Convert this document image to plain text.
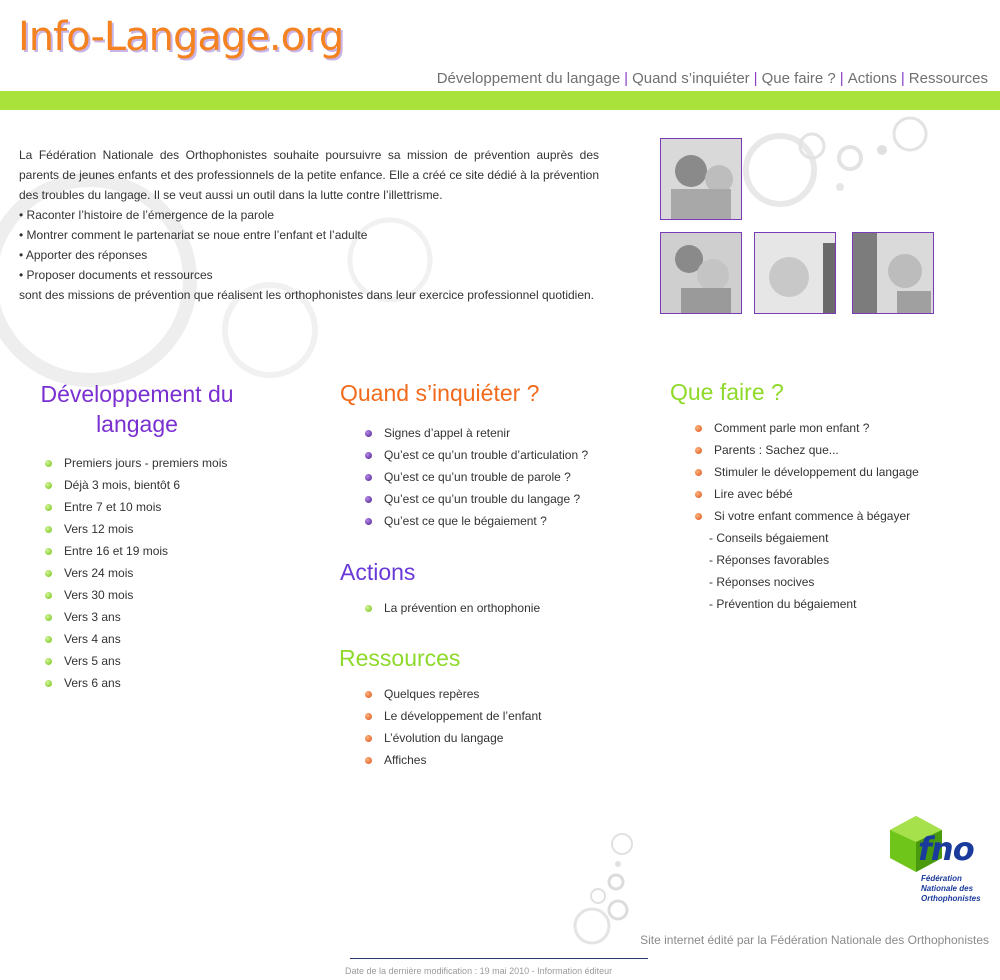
Info-Langage.org
Développement du langage | Quand s’inquiéter | Que faire ? | Actions | Ressources
La Fédération Nationale des Orthophonistes souhaite poursuivre sa mission de prévention auprès des parents de jeunes enfants et des professionnels de la petite enfance. Elle a créé ce site dédié à la prévention des troubles du langage. Il se veut aussi un outil dans la lutte contre l’illettrisme.
• Raconter l’histoire de l’émergence de la parole
• Montrer comment le partenariat se noue entre l’enfant et l’adulte
• Apporter des réponses
• Proposer documents et ressources
sont des missions de prévention que réalisent les orthophonistes dans leur exercice professionnel quotidien.
Développement du langage
Premiers jours - premiers mois
Déjà 3 mois, bientôt 6
Entre 7 et 10 mois
Vers 12 mois
Entre 16 et 19 mois
Vers 24 mois
Vers 30 mois
Vers 3 ans
Vers 4 ans
Vers 5 ans
Vers 6 ans
Quand s’inquiéter ?
Signes d’appel à retenir
Qu’est ce qu’un trouble d’articulation ?
Qu’est ce qu’un trouble de parole ?
Qu’est ce qu’un trouble du langage ?
Qu’est ce que le bégaiement ?
Actions
La prévention en orthophonie
Ressources
Quelques repères
Le développement de l’enfant
L’évolution du langage
Affiches
Que faire ?
Comment parle mon enfant ?
Parents : Sachez que...
Stimuler le développement du langage
Lire avec bébé
Si votre enfant commence à bégayer
- Conseils bégaiement
- Réponses favorables
- Réponses nocives
- Prévention du bégaiement
fno
Fédération
Nationale des
Orthophonistes
Site internet édité par la Fédération Nationale des Orthophonistes
Date de la dernière modification : 19 mai 2010 - Information éditeur
